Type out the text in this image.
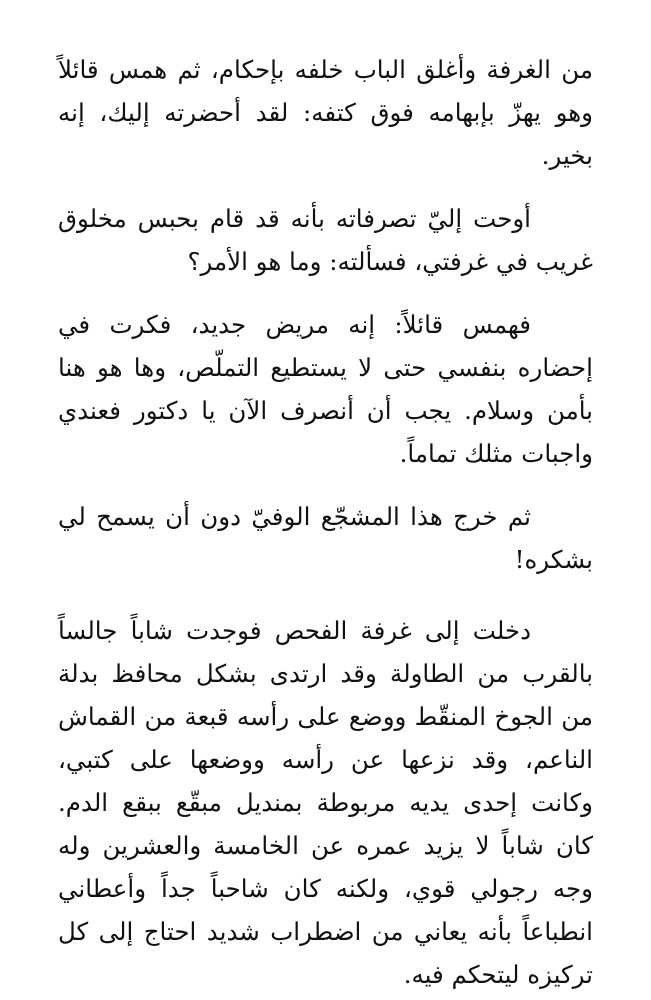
من الغرفة وأغلق الباب خلفه بإحكام، ثم همس قائلاً وهو يهزّ بإبهامه فوق كتفه: لقد أحضرته إليك، إنه بخير.

أوحت إليّ تصرفاته بأنه قد قام بحبس مخلوق غريب في غرفتي، فسألته: وما هو الأمر؟

فهمس قائلاً: إنه مريض جديد، فكرت في إحضاره بنفسي حتى لا يستطيع التملّص، وها هو هنا بأمن وسلام. يجب أن أنصرف الآن يا دكتور فعندي واجبات مثلك تماماً.

ثم خرج هذا المشجّع الوفيّ دون أن يسمح لي بشكره!

دخلت إلى غرفة الفحص فوجدت شاباً جالساً بالقرب من الطاولة وقد ارتدى بشكل محافظ بدلة من الجوخ المنقّط ووضع على رأسه قبعة من القماش الناعم، وقد نزعها عن رأسه ووضعها على كتبي، وكانت إحدى يديه مربوطة بمنديل مبقّع ببقع الدم. كان شاباً لا يزيد عمره عن الخامسة والعشرين وله وجه رجولي قوي، ولكنه كان شاحباً جداً وأعطاني انطباعاً بأنه يعاني من اضطراب شديد احتاج إلى كل تركيزه ليتحكم فيه.
